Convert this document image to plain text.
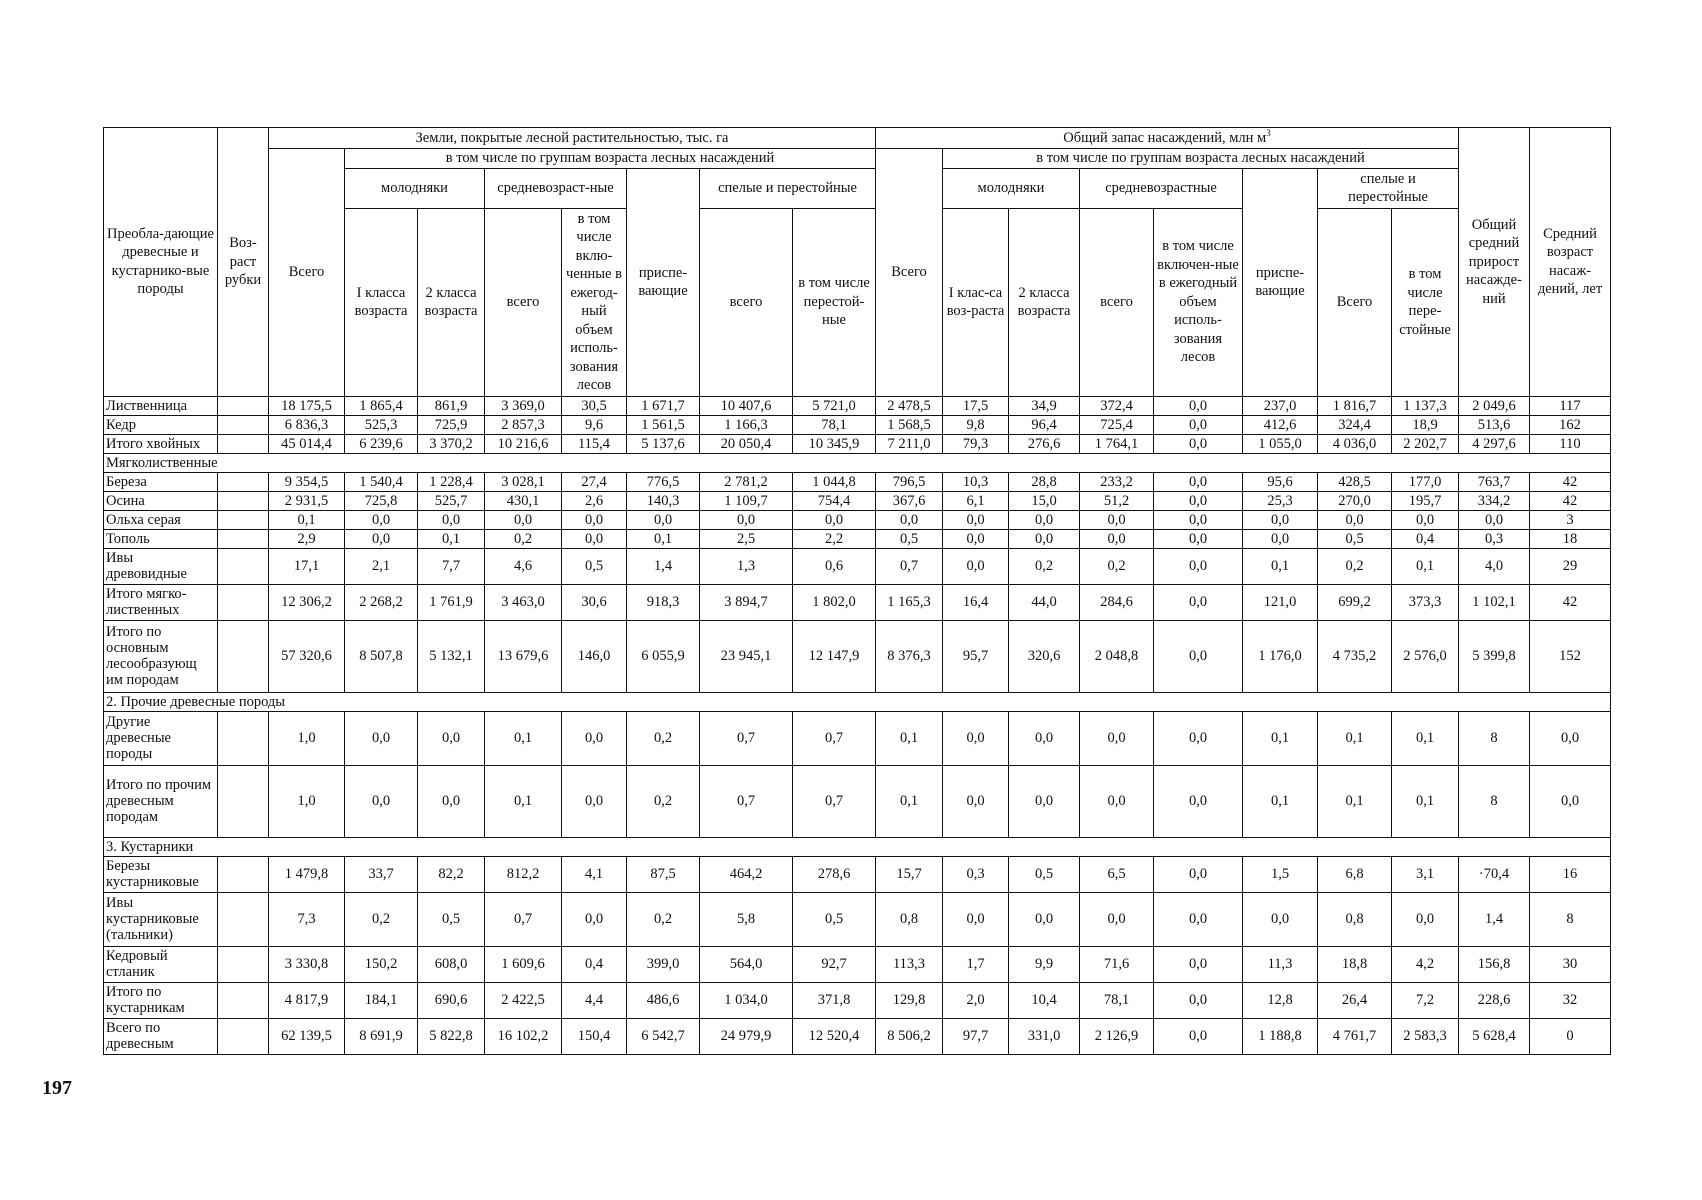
Преобла-дающие древесные и кустарнико-вые породы	Воз-раст рубки	Земли, покрытые лесной растительностью, тыс. га								Общий запас насаждений, млн $м^3$								Общий средний прирост насажде-ний	Средний возраст насаж-дений, лет
		Всего	в том числе по группам возраста лесных насаждений							Всего	в том числе по группам возраста лесных насаждений								
			молодняки		средневозраст-ные		приспе-вающие	спелые и перестойные			молодняки		средневозрастные		приспе-вающие	спелые и перестойные			
			I класса возраста	2 класса возраста	всего	в том числе вклю-ченные в ежегод-ный объем исполь-зования лесов		всего	в том числе перестой-ные		I клас-са воз-раста	2 класса возраста	всего	в том числе включен-ные в ежегодный объем исполь-зования лесов		Всего	в том числе пере-стойные		
Лиственница		18 175,5	1 865,4	861,9	3 369,0	30,5	1 671,7	10 407,6	5 721,0	2 478,5	17,5	34,9	372,4	0,0	237,0	1 816,7	1 137,3	2 049,6	117
Кедр		6 836,3	525,3	725,9	2 857,3	9,6	1 561,5	1 166,3	78,1	1 568,5	9,8	96,4	725,4	0,0	412,6	324,4	18,9	513,6	162
Итого хвойных		45 014,4	6 239,6	3 370,2	10 216,6	115,4	5 137,6	20 050,4	10 345,9	7 211,0	79,3	276,6	1 764,1	0,0	1 055,0	4 036,0	2 202,7	4 297,6	110
Мягколиственные																			
Береза		9 354,5	1 540,4	1 228,4	3 028,1	27,4	776,5	2 781,2	1 044,8	796,5	10,3	28,8	233,2	0,0	95,6	428,5	177,0	763,7	42
Осина		2 931,5	725,8	525,7	430,1	2,6	140,3	1 109,7	754,4	367,6	6,1	15,0	51,2	0,0	25,3	270,0	195,7	334,2	42
Ольха серая		0,1	0,0	0,0	0,0	0,0	0,0	0,0	0,0	0,0	0,0	0,0	0,0	0,0	0,0	0,0	0,0	0,0	3
Тополь		2,9	0,0	0,1	0,2	0,0	0,1	2,5	2,2	0,5	0,0	0,0	0,0	0,0	0,0	0,5	0,4	0,3	18
Ивы древовидные		17,1	2,1	7,7	4,6	0,5	1,4	1,3	0,6	0,7	0,0	0,2	0,2	0,0	0,1	0,2	0,1	4,0	29
Итого мягко-лиственных		12 306,2	2 268,2	1 761,9	3 463,0	30,6	918,3	3 894,7	1 802,0	1 165,3	16,4	44,0	284,6	0,0	121,0	699,2	373,3	1 102,1	42
Итого по основным лесообразующ им породам		57 320,6	8 507,8	5 132,1	13 679,6	146,0	6 055,9	23 945,1	12 147,9	8 376,3	95,7	320,6	2 048,8	0,0	1 176,0	4 735,2	2 576,0	5 399,8	152
2. Прочие древесные породы																			
Другие древесные породы		1,0	0,0	0,0	0,1	0,0	0,2	0,7	0,7	0,1	0,0	0,0	0,0	0,0	0,1	0,1	0,1	8	0,0
Итого по прочим древесным породам		1,0	0,0	0,0	0,1	0,0	0,2	0,7	0,7	0,1	0,0	0,0	0,0	0,0	0,1	0,1	0,1	8	0,0
3. Кустарники																			
Березы кустарниковые		1 479,8	33,7	82,2	812,2	4,1	87,5	464,2	278,6	15,7	0,3	0,5	6,5	0,0	1,5	6,8	3,1	·70,4	16
Ивы кустарниковые (тальники)		7,3	0,2	0,5	0,7	0,0	0,2	5,8	0,5	0,8	0,0	0,0	0,0	0,0	0,0	0,8	0,0	1,4	8
Кедровый стланик		3 330,8	150,2	608,0	1 609,6	0,4	399,0	564,0	92,7	113,3	1,7	9,9	71,6	0,0	11,3	18,8	4,2	156,8	30
Итого по кустарникам		4 817,9	184,1	690,6	2 422,5	4,4	486,6	1 034,0	371,8	129,8	2,0	10,4	78,1	0,0	12,8	26,4	7,2	228,6	32
Всего по древесным		62 139,5	8 691,9	5 822,8	16 102,2	150,4	6 542,7	24 979,9	12 520,4	8 506,2	97,7	331,0	2 126,9	0,0	1 188,8	4 761,7	2 583,3	5 628,4	0
197
